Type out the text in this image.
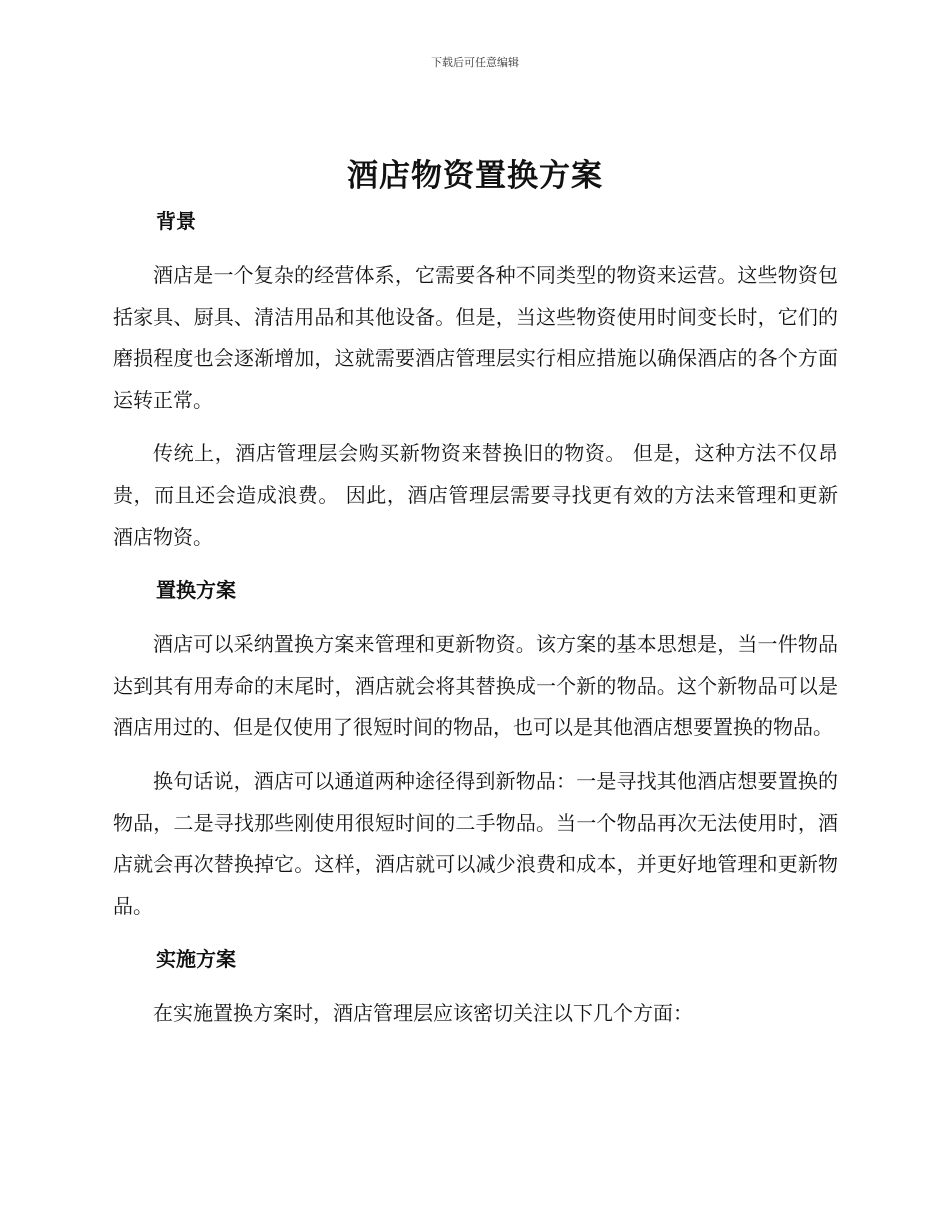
下载后可任意编辑
酒店物资置换方案
背景

酒店是一个复杂的经营体系，它需要各种不同类型的物资来运营。这些物资包括家具、厨具、清洁用品和其他设备。但是，当这些物资使用时间变长时，它们的磨损程度也会逐渐增加，这就需要酒店管理层实行相应措施以确保酒店的各个方面运转正常。

传统上，酒店管理层会购买新物资来替换旧的物资。 但是，这种方法不仅昂贵，而且还会造成浪费。 因此，酒店管理层需要寻找更有效的方法来管理和更新酒店物资。

置换方案

酒店可以采纳置换方案来管理和更新物资。该方案的基本思想是，当一件物品达到其有用寿命的末尾时，酒店就会将其替换成一个新的物品。这个新物品可以是酒店用过的、但是仅使用了很短时间的物品，也可以是其他酒店想要置换的物品。

换句话说，酒店可以通道两种途径得到新物品：一是寻找其他酒店想要置换的物品，二是寻找那些刚使用很短时间的二手物品。当一个物品再次无法使用时，酒店就会再次替换掉它。这样，酒店就可以减少浪费和成本，并更好地管理和更新物品。

实施方案

在实施置换方案时，酒店管理层应该密切关注以下几个方面：
